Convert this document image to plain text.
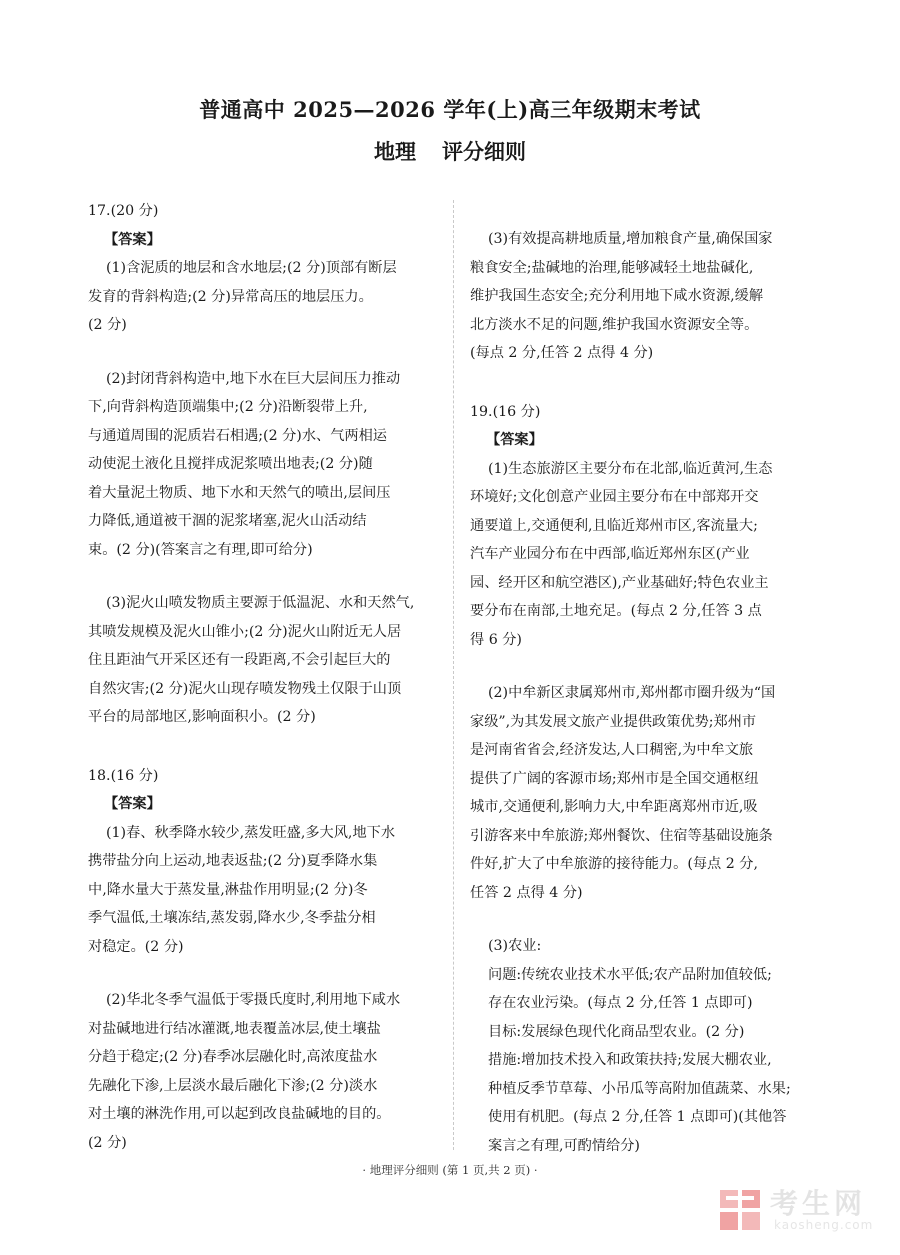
普通高中 2025—2026 学年(上)高三年级期末考试
地理 评分细则

17.(20 分)

【答案】

(1)含泥质的地层和含水地层;(2 分)顶部有断层

发育的背斜构造;(2 分)异常高压的地层压力。

(2 分)

(2)封闭背斜构造中,地下水在巨大层间压力推动

下,向背斜构造顶端集中;(2 分)沿断裂带上升,

与通道周围的泥质岩石相遇;(2 分)水、气两相运

动使泥土液化且搅拌成泥浆喷出地表;(2 分)随

着大量泥土物质、地下水和天然气的喷出,层间压

力降低,通道被干涸的泥浆堵塞,泥火山活动结

束。(2 分)(答案言之有理,即可给分)

(3)泥火山喷发物质主要源于低温泥、水和天然气,

其喷发规模及泥火山锥小;(2 分)泥火山附近无人居

住且距油气开采区还有一段距离,不会引起巨大的

自然灾害;(2 分)泥火山现存喷发物残土仅限于山顶

平台的局部地区,影响面积小。(2 分)

18.(16 分)

【答案】

(1)春、秋季降水较少,蒸发旺盛,多大风,地下水

携带盐分向上运动,地表返盐;(2 分)夏季降水集

中,降水量大于蒸发量,淋盐作用明显;(2 分)冬

季气温低,土壤冻结,蒸发弱,降水少,冬季盐分相

对稳定。(2 分)

(2)华北冬季气温低于零摄氏度时,利用地下咸水

对盐碱地进行结冰灌溉,地表覆盖冰层,使土壤盐

分趋于稳定;(2 分)春季冰层融化时,高浓度盐水

先融化下渗,上层淡水最后融化下渗;(2 分)淡水

对土壤的淋洗作用,可以起到改良盐碱地的目的。

(2 分)

(3)有效提高耕地质量,增加粮食产量,确保国家

粮食安全;盐碱地的治理,能够减轻土地盐碱化,

维护我国生态安全;充分利用地下咸水资源,缓解

北方淡水不足的问题,维护我国水资源安全等。

(每点 2 分,任答 2 点得 4 分)

19.(16 分)

【答案】

(1)生态旅游区主要分布在北部,临近黄河,生态

环境好;文化创意产业园主要分布在中部郑开交

通要道上,交通便利,且临近郑州市区,客流量大;

汽车产业园分布在中西部,临近郑州东区(产业

园、经开区和航空港区),产业基础好;特色农业主

要分布在南部,土地充足。(每点 2 分,任答 3 点

得 6 分)

(2)中牟新区隶属郑州市,郑州都市圈升级为“国

家级”,为其发展文旅产业提供政策优势;郑州市

是河南省省会,经济发达,人口稠密,为中牟文旅

提供了广阔的客源市场;郑州市是全国交通枢纽

城市,交通便利,影响力大,中牟距离郑州市近,吸

引游客来中牟旅游;郑州餐饮、住宿等基础设施条

件好,扩大了中牟旅游的接待能力。(每点 2 分,

任答 2 点得 4 分)

(3)农业:

问题:传统农业技术水平低;农产品附加值较低;

存在农业污染。(每点 2 分,任答 1 点即可)

目标:发展绿色现代化商品型农业。(2 分)

措施:增加技术投入和政策扶持;发展大棚农业,

种植反季节草莓、小吊瓜等高附加值蔬菜、水果;

使用有机肥。(每点 2 分,任答 1 点即可)(其他答

案言之有理,可酌情给分)

· 地理评分细则 (第 1 页,共 2 页) ·
考生网
kaosheng.com
